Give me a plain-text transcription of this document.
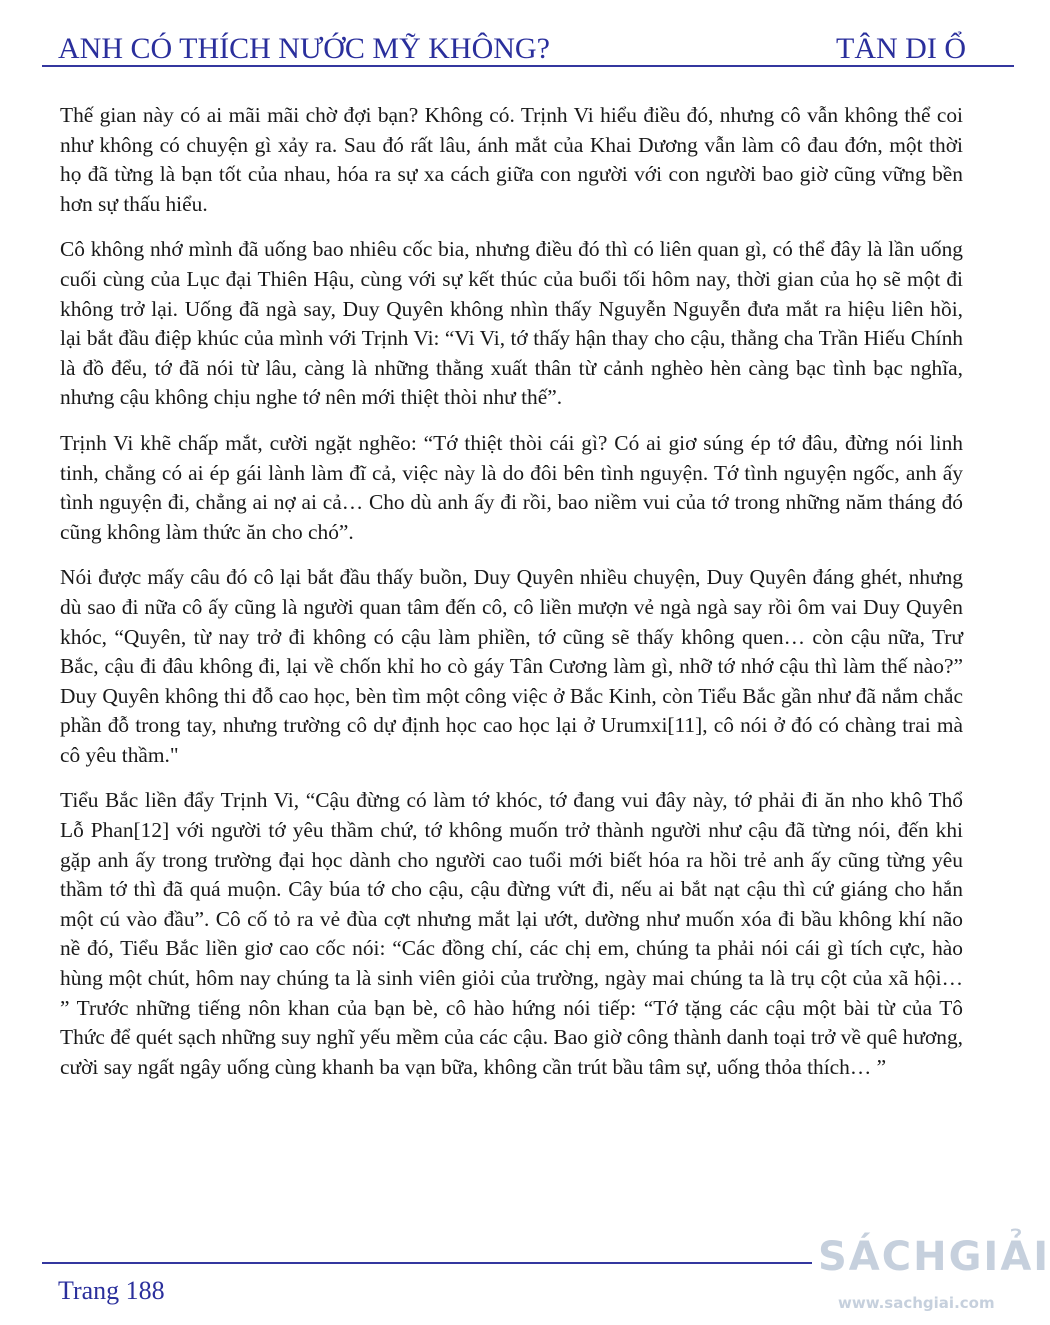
ANH CÓ THÍCH NƯỚC MỸ KHÔNG?	TÂN DI Ổ

Thế gian này có ai mãi mãi chờ đợi bạn? Không có. Trịnh Vi hiểu điều đó, nhưng cô vẫn không thể coi như không có chuyện gì xảy ra. Sau đó rất lâu, ánh mắt của Khai Dương vẫn làm cô đau đớn, một thời họ đã từng là bạn tốt của nhau, hóa ra sự xa cách giữa con người với con người bao giờ cũng vững bền hơn sự thấu hiểu.

Cô không nhớ mình đã uống bao nhiêu cốc bia, nhưng điều đó thì có liên quan gì, có thể đây là lần uống cuối cùng của Lục đại Thiên Hậu, cùng với sự kết thúc của buổi tối hôm nay, thời gian của họ sẽ một đi không trở lại. Uống đã ngà say, Duy Quyên không nhìn thấy Nguyễn Nguyễn đưa mắt ra hiệu liên hồi, lại bắt đầu điệp khúc của mình với Trịnh Vi: “Vi Vi, tớ thấy hận thay cho cậu, thằng cha Trần Hiếu Chính là đồ đểu, tớ đã nói từ lâu, càng là những thằng xuất thân từ cảnh nghèo hèn càng bạc tình bạc nghĩa, nhưng cậu không chịu nghe tớ nên mới thiệt thòi như thế”.

Trịnh Vi khẽ chấp mắt, cười ngặt nghẽo: “Tớ thiệt thòi cái gì? Có ai giơ súng ép tớ đâu, đừng nói linh tinh, chẳng có ai ép gái lành làm đĩ cả, việc này là do đôi bên tình nguyện. Tớ tình nguyện ngốc, anh ấy tình nguyện đi, chẳng ai nợ ai cả… Cho dù anh ấy đi rồi, bao niềm vui của tớ trong những năm tháng đó cũng không làm thức ăn cho chó”.

Nói được mấy câu đó cô lại bắt đầu thấy buồn, Duy Quyên nhiều chuyện, Duy Quyên đáng ghét, nhưng dù sao đi nữa cô ấy cũng là người quan tâm đến cô, cô liền mượn vẻ ngà ngà say rồi ôm vai Duy Quyên khóc, “Quyên, từ nay trở đi không có cậu làm phiền, tớ cũng sẽ thấy không quen… còn cậu nữa, Trư Bắc, cậu đi đâu không đi, lại về chốn khỉ ho cò gáy Tân Cương làm gì, nhỡ tớ nhớ cậu thì làm thế nào?” Duy Quyên không thi đỗ cao học, bèn tìm một công việc ở Bắc Kinh, còn Tiểu Bắc gần như đã nắm chắc phần đỗ trong tay, nhưng trường cô dự định học cao học lại ở Urumxi[11], cô nói ở đó có chàng trai mà cô yêu thầm."

Tiểu Bắc liền đẩy Trịnh Vi, “Cậu đừng có làm tớ khóc, tớ đang vui đây này, tớ phải đi ăn nho khô Thổ Lỗ Phan[12] với người tớ yêu thầm chứ, tớ không muốn trở thành người như cậu đã từng nói, đến khi gặp anh ấy trong trường đại học dành cho người cao tuổi mới biết hóa ra hồi trẻ anh ấy cũng từng yêu thầm tớ thì đã quá muộn. Cây búa tớ cho cậu, cậu đừng vứt đi, nếu ai bắt nạt cậu thì cứ giáng cho hắn một cú vào đầu”. Cô cố tỏ ra vẻ đùa cợt nhưng mắt lại ướt, dường như muốn xóa đi bầu không khí não nề đó, Tiểu Bắc liền giơ cao cốc nói: “Các đồng chí, các chị em, chúng ta phải nói cái gì tích cực, hào hùng một chút, hôm nay chúng ta là sinh viên giỏi của trường, ngày mai chúng ta là trụ cột của xã hội… ” Trước những tiếng nôn khan của bạn bè, cô hào hứng nói tiếp: “Tớ tặng các cậu một bài từ của Tô Thức để quét sạch những suy nghĩ yếu mềm của các cậu. Bao giờ công thành danh toại trở về quê hương, cười say ngất ngây uống cùng khanh ba vạn bữa, không cần trút bầu tâm sự, uống thỏa thích… ”

Trang 188
SÁCHGIẢI
www.sachgiai.com
